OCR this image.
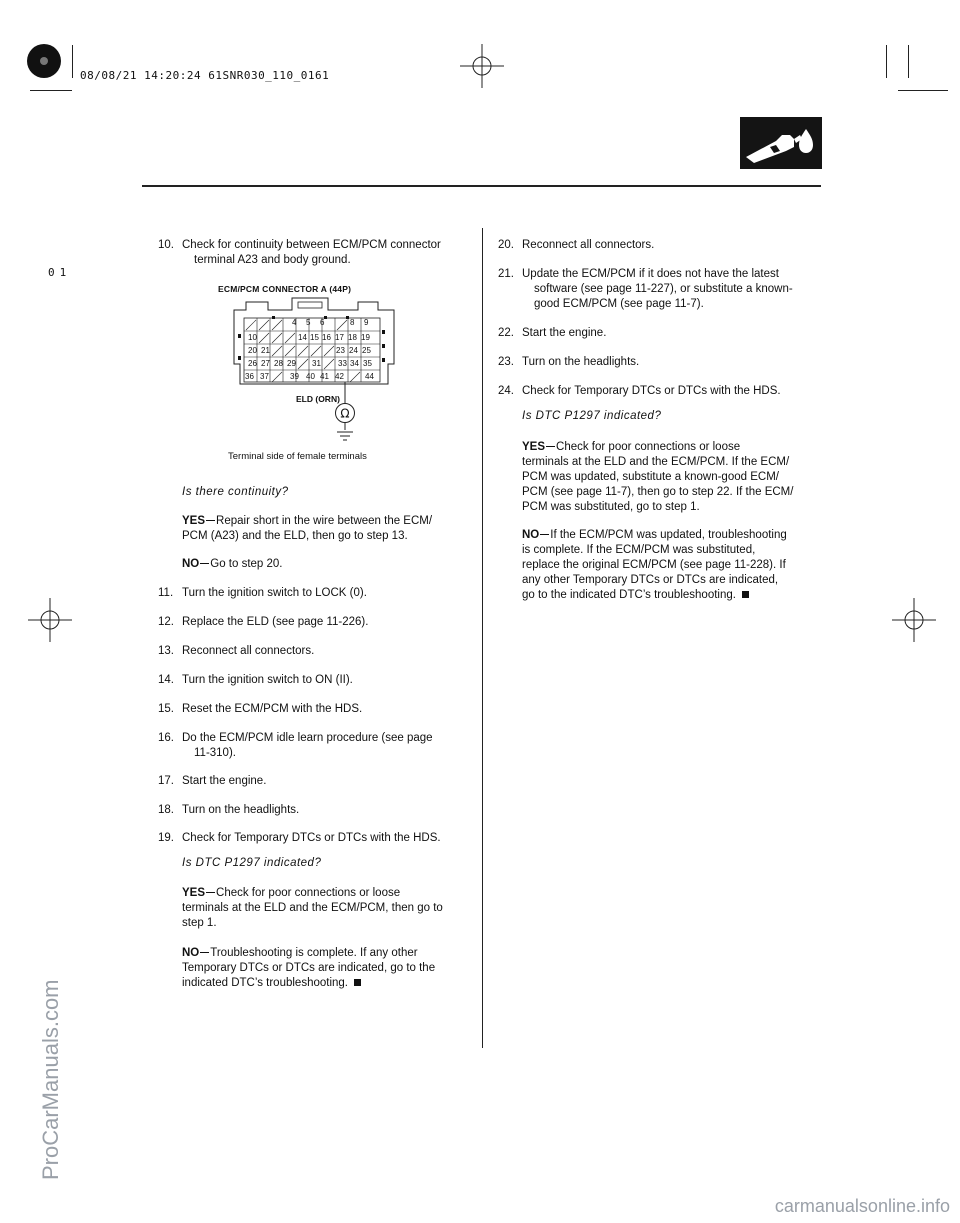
08/08/21 14:20:24 61SNR030_110_0161
01
10. Check for continuity between ECM/PCM connector
terminal A23 and body ground.
ECM/PCM CONNECTOR A (44P)
4	5	6	8	9
10	14 15 16 17 18 19
20 21	23 24 25
26 27 28 29 31 33 34 35
36 37	39 40 41 42	44
ELD (ORN)
Ω
Terminal side of female terminals
Is there continuity?
YES Repair short in the wire between the ECM/
PCM (A23) and the ELD, then go to step 13.
NO Go to step 20.
11. Turn the ignition switch to LOCK (0).
12. Replace the ELD (see page 11-226).
13. Reconnect all connectors.
14. Turn the ignition switch to ON (II).
15. Reset the ECM/PCM with the HDS.
16. Do the ECM/PCM idle learn procedure (see page
11-310).
17. Start the engine.
18. Turn on the headlights.
19. Check for Temporary DTCs or DTCs with the HDS.
Is DTC P1297 indicated?
YES Check for poor connections or loose
terminals at the ELD and the ECM/PCM, then go to
step 1.
NO Troubleshooting is complete. If any other
Temporary DTCs or DTCs are indicated, go to the
indicated DTC’s troubleshooting.
20. Reconnect all connectors.
21. Update the ECM/PCM if it does not have the latest
software (see page 11-227), or substitute a known-
good ECM/PCM (see page 11-7).
22. Start the engine.
23. Turn on the headlights.
24. Check for Temporary DTCs or DTCs with the HDS.
Is DTC P1297 indicated?
YES Check for poor connections or loose
terminals at the ELD and the ECM/PCM. If the ECM/
PCM was updated, substitute a known-good ECM/
PCM (see page 11-7), then go to step 22. If the ECM/
PCM was substituted, go to step 1.
NO If the ECM/PCM was updated, troubleshooting
is complete. If the ECM/PCM was substituted,
replace the original ECM/PCM (see page 11-228). If
any other Temporary DTCs or DTCs are indicated,
go to the indicated DTC’s troubleshooting.
ProCarManuals.com
carmanualsonline.info
